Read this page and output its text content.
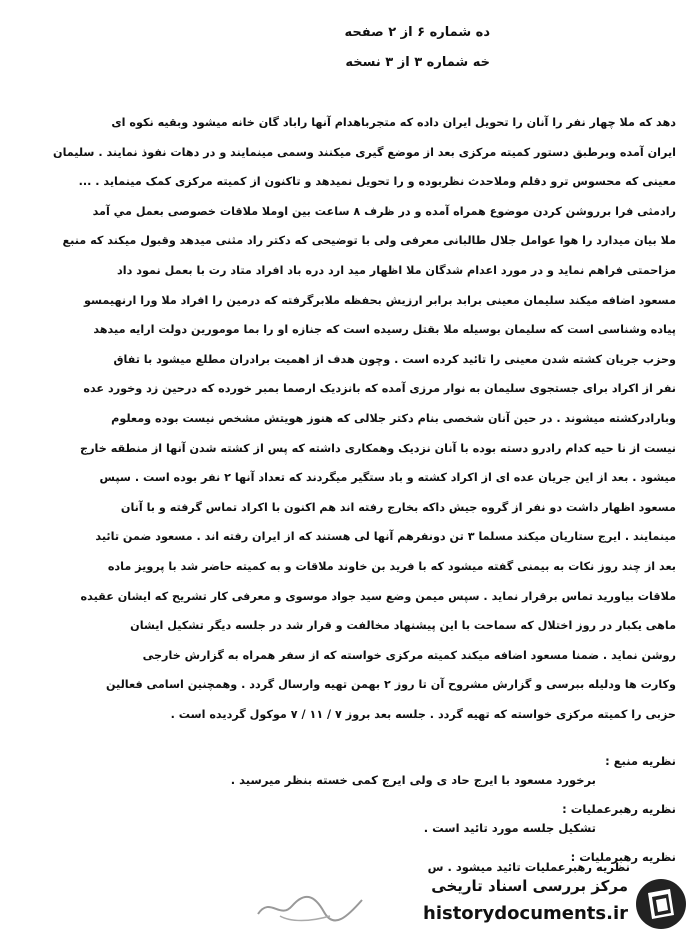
ده شماره ۶ از ۲ صفحه
خه شماره ۳ از ۳ نسخه

دهد که ملا چهار نفر را آنان را تحویل ایران داده که متجرباهدام آنها راباد گان خانه میشود وبقیه نکوه ای

ایران آمده وبرطبق دستور کمیته مرکزی بعد از موضع گیری میکنند وسمی مینمایند و در دهات نفوذ نمایند . سلیمان

معینی که محسوس ترو دقلم وملاحدث نظربوده و را تحویل نمیدهد و تاکنون از کمیته مرکزی کمک مینماید . ...

رادمثی فرا برروشن کردن موضوع همراه آمده و در ظرف ۸ ساعت بین اوملا ملاقات خصوصی بعمل مي آمد

ملا بیان میدارد را هوا عوامل جلال طالبانی معرفی ولی با توضیحی که دکتر راد مثنی میدهد وقبول میکند که منبع

مزاحمتی فراهم نماید و در مورد اعدام شدگان ملا اظهار مید ارد دره باد افراد متاد رت با بعمل نمود داد

مسعود اضافه میکند سلیمان معینی برابد برابر ارزیش بحفظه ملابرگرفته که درمین را افراد ملا ورا ارنهیمسو

پیاده وشناسی است که سلیمان بوسیله ملا بقتل رسیده است که جنازه او را بما مومورین دولت ارایه میدهد

وحزب جریان کشته شدن معینی را تائید کرده است . وچون هدف از اهمیت برادران مطلع میشود با تفاق

نفر از اکراد برای جستجوی سلیمان به نوار مرزی آمده که بانزدیک ارصما بمبر خورده که درحین زد وخورد عده

وبارادرکشته میشوند . در حین آنان شخصی بنام دکتر جلالی که هنوز هویتش مشخص نیست بوده ومعلوم

نیست از نا حیه کدام رادرو دسته بوده با آنان نزدیک وهمکاری داشته که پس از کشته شدن آنها از منطقه خارج

میشود . بعد از این جریان عده ای از اکراد کشته و باد ستگیر میگردند که تعداد آنها ۲ نفر بوده است . سپس

مسعود اظهار داشت دو نفر از گروه جیش داکه بخارج رفته اند هم اکنون با اکراد تماس گرفته و با آنان

مینمایند . ایرج ستاریان میکند مسلما ۳ تن دونفرهم آنها لی هستند که از ایران رفته اند . مسعود ضمن تائید

بعد از چند روز نکات به بیمنی گفته میشود که با فرید بن خاوند ملاقات و به کمیته حاضر شد با پرویز ماده

ملاقات بیاورید تماس برقرار نماید . سپس میمن وضع سید جواد موسوی و معرفی کار تشریح که ایشان عقیده

ماهی یکبار در روز اختلال که سماحت با این پیشنهاد مخالفت و قرار شد در جلسه دیگر تشکیل ایشان

روشن نماید . ضمنا مسعود اضافه میکند کمیته مرکزی خواسته که از سفر همراه به گزارش خارجی

وکارت ها ودلیله ببرسی و گزارش مشروح آن تا روز ۲ بهمن تهیه وارسال گردد . وهمچنین اسامی فعالین

حزبی را کمیته مرکزی خواسته که تهیه گردد . جلسه بعد بروز ۷ / ۱۱ / ۷ موکول گردیده است .

نظریه منبع :
برخورد مسعود با ایرج حاد ی ولی ایرج کمی خسته بنظر میرسید .
نظریه رهبرعملیات :
تشکیل جلسه مورد تائید است .
نظریه رهبرملیات :
نظریه رهبرعملیات تائید میشود . س
مرکز بررسی اسناد تاریخی
historydocuments.ir
